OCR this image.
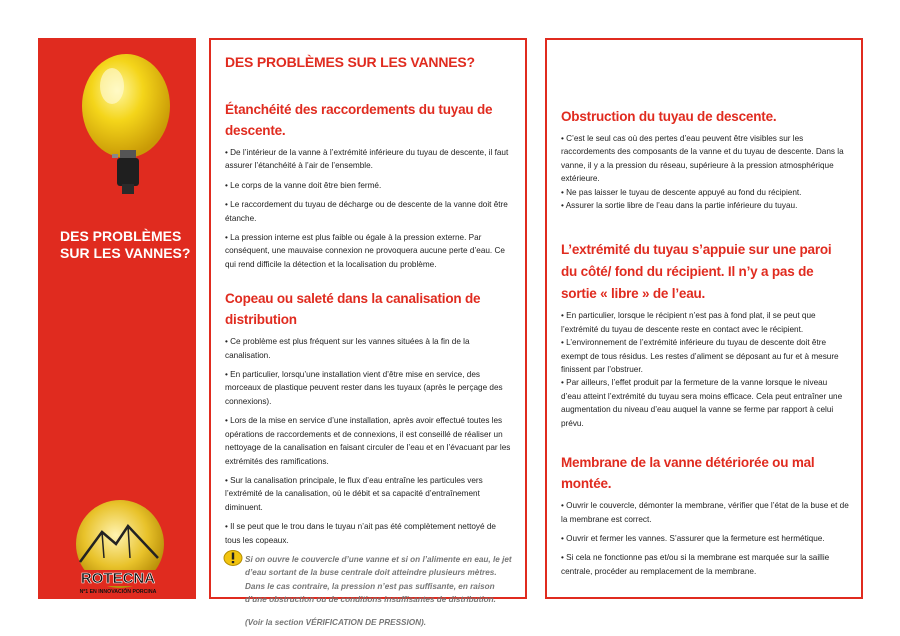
DES PROBLÈMES SUR LES VANNES?
ROTECNA
Nº1 EN INNOVACIÓN PORCINA
DES PROBLÈMES SUR LES VANNES?
Étanchéité des raccordements du tuyau de descente.

• De l’intérieur de la vanne à l’extrémité inférieure du tuyau de descente, il faut assurer l’étanchéité à l’air de l’ensemble.

• Le corps de la vanne doit être bien fermé.

• Le raccordement du tuyau de décharge ou de descente de la vanne doit être étanche.

• La pression interne est plus faible ou égale à la pression externe. Par conséquent, une mauvaise connexion ne provoquera aucune perte d’eau. Ce qui rend difficile la détection et la localisation du problème.

Copeau ou saleté dans la canalisation de distribution

• Ce problème est plus fréquent sur les vannes situées à la fin de la canalisation.

• En particulier, lorsqu’une installation vient d’être mise en service, des morceaux de plastique peuvent rester dans les tuyaux (après le perçage des connexions).

• Lors de la mise en service d’une installation, après avoir effectué toutes les opérations de raccordements et de connexions, il est conseillé de réaliser un nettoyage de la canalisation en faisant circuler de l’eau et en l’évacuant par les extrémités des ramifications.

• Sur la canalisation principale, le flux d’eau entraîne les particules vers l’extrémité de la canalisation, où le débit et sa capacité d’entraînement diminuent.

• Il se peut que le trou dans le tuyau n’ait pas été complètement nettoyé de tous les copeaux.

Si on ouvre le couvercle d’une vanne et si on l’alimente en eau, le jet d’eau sortant de la buse centrale doit atteindre plusieurs mètres. Dans le cas contraire, la pression n’est pas suffisante, en raison d’une obstruction ou de conditions insuffisantes de distribution.

(Voir la section VÉRIFICATION DE PRESSION).

Obstruction du tuyau de descente.

• C’est le seul cas où des pertes d’eau peuvent être visibles sur les raccordements des composants de la vanne et du tuyau de descente. Dans la vanne, il y a la pression du réseau, supérieure à la pression atmosphérique extérieure.

• Ne pas laisser le tuyau de descente appuyé au fond du récipient.

• Assurer la sortie libre de l’eau dans la partie inférieure du tuyau.

L’extrémité du tuyau s’appuie sur une paroi du côté/ fond du récipient. Il n’y a pas de sortie « libre » de l’eau.

• En particulier, lorsque le récipient n’est pas à fond plat, il se peut que l’extrémité du tuyau de descente reste en contact avec le récipient.

• L’environnement de l’extrémité inférieure du tuyau de descente doit être exempt de tous résidus. Les restes d’aliment se déposant au fur et à mesure finissent par l’obstruer.

• Par ailleurs, l’effet produit par la fermeture de la vanne lorsque le niveau d’eau atteint l’extrémité du tuyau sera moins efficace. Cela peut entraîner une augmentation du niveau d’eau auquel la vanne se ferme par rapport à celui prévu.

Membrane de la vanne détériorée ou mal montée.

• Ouvrir le couvercle, démonter la membrane, vérifier que l’état de la buse et de la membrane est correct.

• Ouvrir et fermer les vannes. S’assurer que la fermeture est hermétique.

• Si cela ne fonctionne pas et/ou si la membrane est marquée sur la saillie centrale, procéder au remplacement de la membrane.
